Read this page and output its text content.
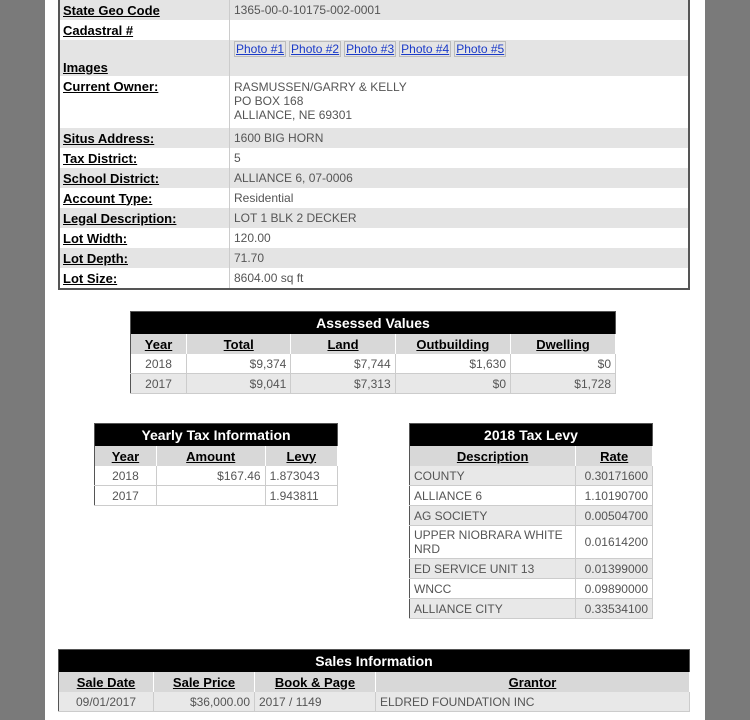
State Geo Code	1365-00-0-10175-002-0001
Cadastral #	
Images	Photo #1 Photo #2 Photo #3 Photo #4 Photo #5
Current Owner:	RASMUSSEN/GARRY & KELLY
PO BOX 168
ALLIANCE, NE 69301

Situs Address:	1600 BIG HORN
Tax District:	5
School District:	ALLIANCE 6, 07-0006
Account Type:	Residential
Legal Description:	LOT 1 BLK 2 DECKER
Lot Width:	120.00
Lot Depth:	71.70
Lot Size:	8604.00 sq ft
Assessed Values				
Year	Total	Land	Outbuilding	Dwelling
2018	$9,374	$7,744	$1,630	$0
2017	$9,041	$7,313	$0	$1,728
Yearly Tax Information		
Year	Amount	Levy
2018	$167.46	1.873043
2017		1.943811
2018 Tax Levy	
Description	Rate
COUNTY	0.30171600
ALLIANCE 6	1.10190700
AG SOCIETY	0.00504700
UPPER NIOBRARA WHITE NRD	0.01614200
ED SERVICE UNIT 13	0.01399000
WNCC	0.09890000
ALLIANCE CITY	0.33534100
Sales Information			
Sale Date	Sale Price	Book & Page	Grantor
09/01/2017	$36,000.00	2017 / 1149	ELDRED FOUNDATION INC
